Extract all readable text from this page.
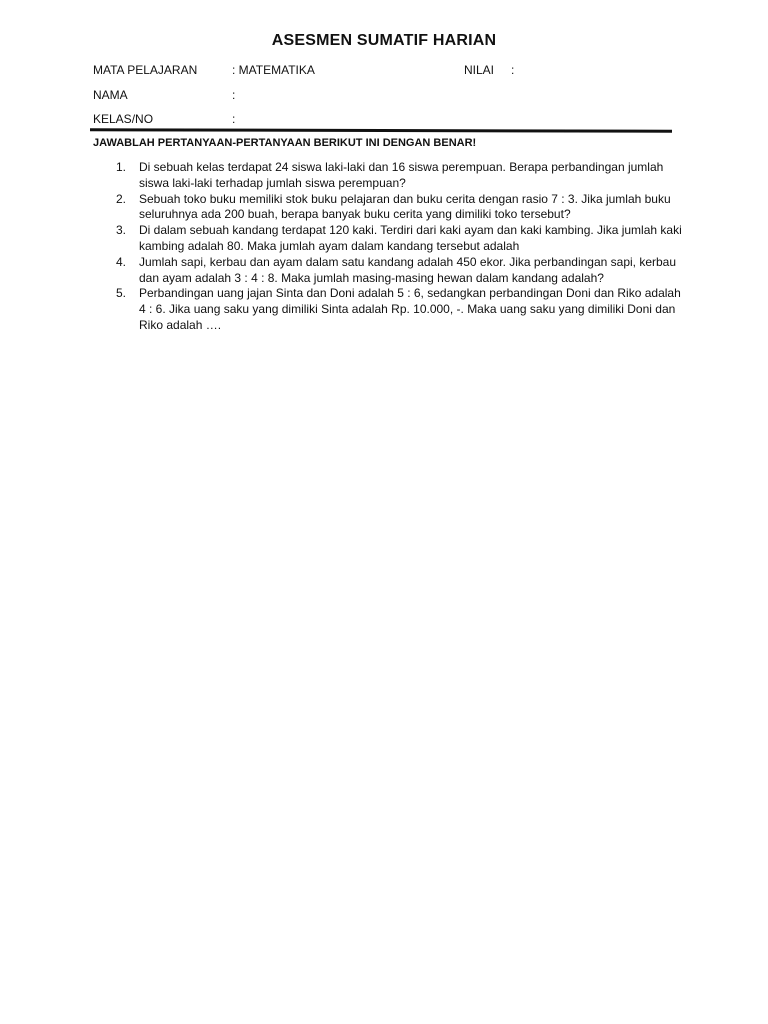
ASESMEN SUMATIF HARIAN
MATA PELAJARAN	: MATEMATIKA	NILAI :
NAMA	:
KELAS/NO	:
JAWABLAH PERTANYAAN-PERTANYAAN BERIKUT INI DENGAN BENAR!
1. Di sebuah kelas terdapat 24 siswa laki-laki dan 16 siswa perempuan. Berapa perbandingan jumlah siswa laki-laki terhadap jumlah siswa perempuan?
2. Sebuah toko buku memiliki stok buku pelajaran dan buku cerita dengan rasio 7 : 3. Jika jumlah buku seluruhnya ada 200 buah, berapa banyak buku cerita yang dimiliki toko tersebut?
3. Di dalam sebuah kandang terdapat 120 kaki. Terdiri dari kaki ayam dan kaki kambing. Jika jumlah kaki kambing adalah 80. Maka jumlah ayam dalam kandang tersebut adalah
4. Jumlah sapi, kerbau dan ayam dalam satu kandang adalah 450 ekor. Jika perbandingan sapi, kerbau dan ayam adalah 3 : 4 : 8. Maka jumlah masing-masing hewan dalam kandang adalah?
5. Perbandingan uang jajan Sinta dan Doni adalah 5 : 6, sedangkan perbandingan Doni dan Riko adalah 4 : 6. Jika uang saku yang dimiliki Sinta adalah Rp. 10.000, -. Maka uang saku yang dimiliki Doni dan Riko adalah ….
